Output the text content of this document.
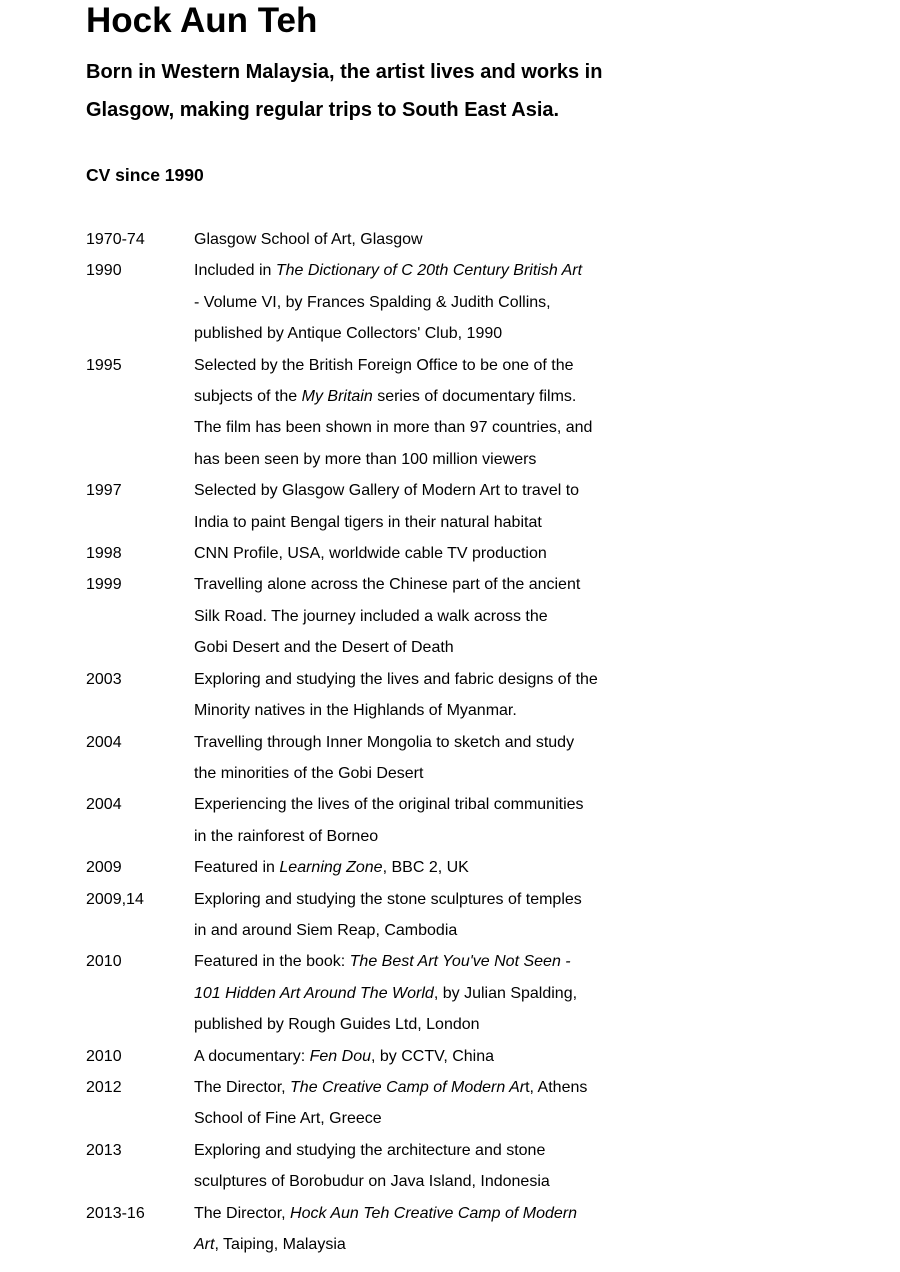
Hock Aun Teh
Born in Western Malaysia, the artist lives and works in
Glasgow, making regular trips to South East Asia.
CV since 1990
1970-74	Glasgow School of Art, Glasgow
1990	Included in The Dictionary of C 20th Century British Art
- Volume VI, by Frances Spalding & Judith Collins,
published by Antique Collectors' Club, 1990
1995	Selected by the British Foreign Office to be one of the
subjects of the My Britain series of documentary films.
The film has been shown in more than 97 countries, and
has been seen by more than 100 million viewers
1997	Selected by Glasgow Gallery of Modern Art to travel to
India to paint Bengal tigers in their natural habitat
1998	CNN Profile, USA, worldwide cable TV production
1999	Travelling alone across the Chinese part of the ancient
Silk Road. The journey included a walk across the
Gobi Desert and the Desert of Death
2003	Exploring and studying the lives and fabric designs of the
Minority natives in the Highlands of Myanmar.
2004	Travelling through Inner Mongolia to sketch and study
the minorities of the Gobi Desert
2004	Experiencing the lives of the original tribal communities
in the rainforest of Borneo
2009	Featured in Learning Zone, BBC 2, UK
2009,14	Exploring and studying the stone sculptures of temples
in and around Siem Reap, Cambodia
2010	Featured in the book: The Best Art You've Not Seen -
101 Hidden Art Around The World, by Julian Spalding,
published by Rough Guides Ltd, London
2010	A documentary: Fen Dou, by CCTV, China
2012	The Director, The Creative Camp of Modern Art, Athens
School of Fine Art, Greece
2013	Exploring and studying the architecture and stone
sculptures of Borobudur on Java Island, Indonesia
2013-16	The Director, Hock Aun Teh Creative Camp of Modern
Art, Taiping, Malaysia
